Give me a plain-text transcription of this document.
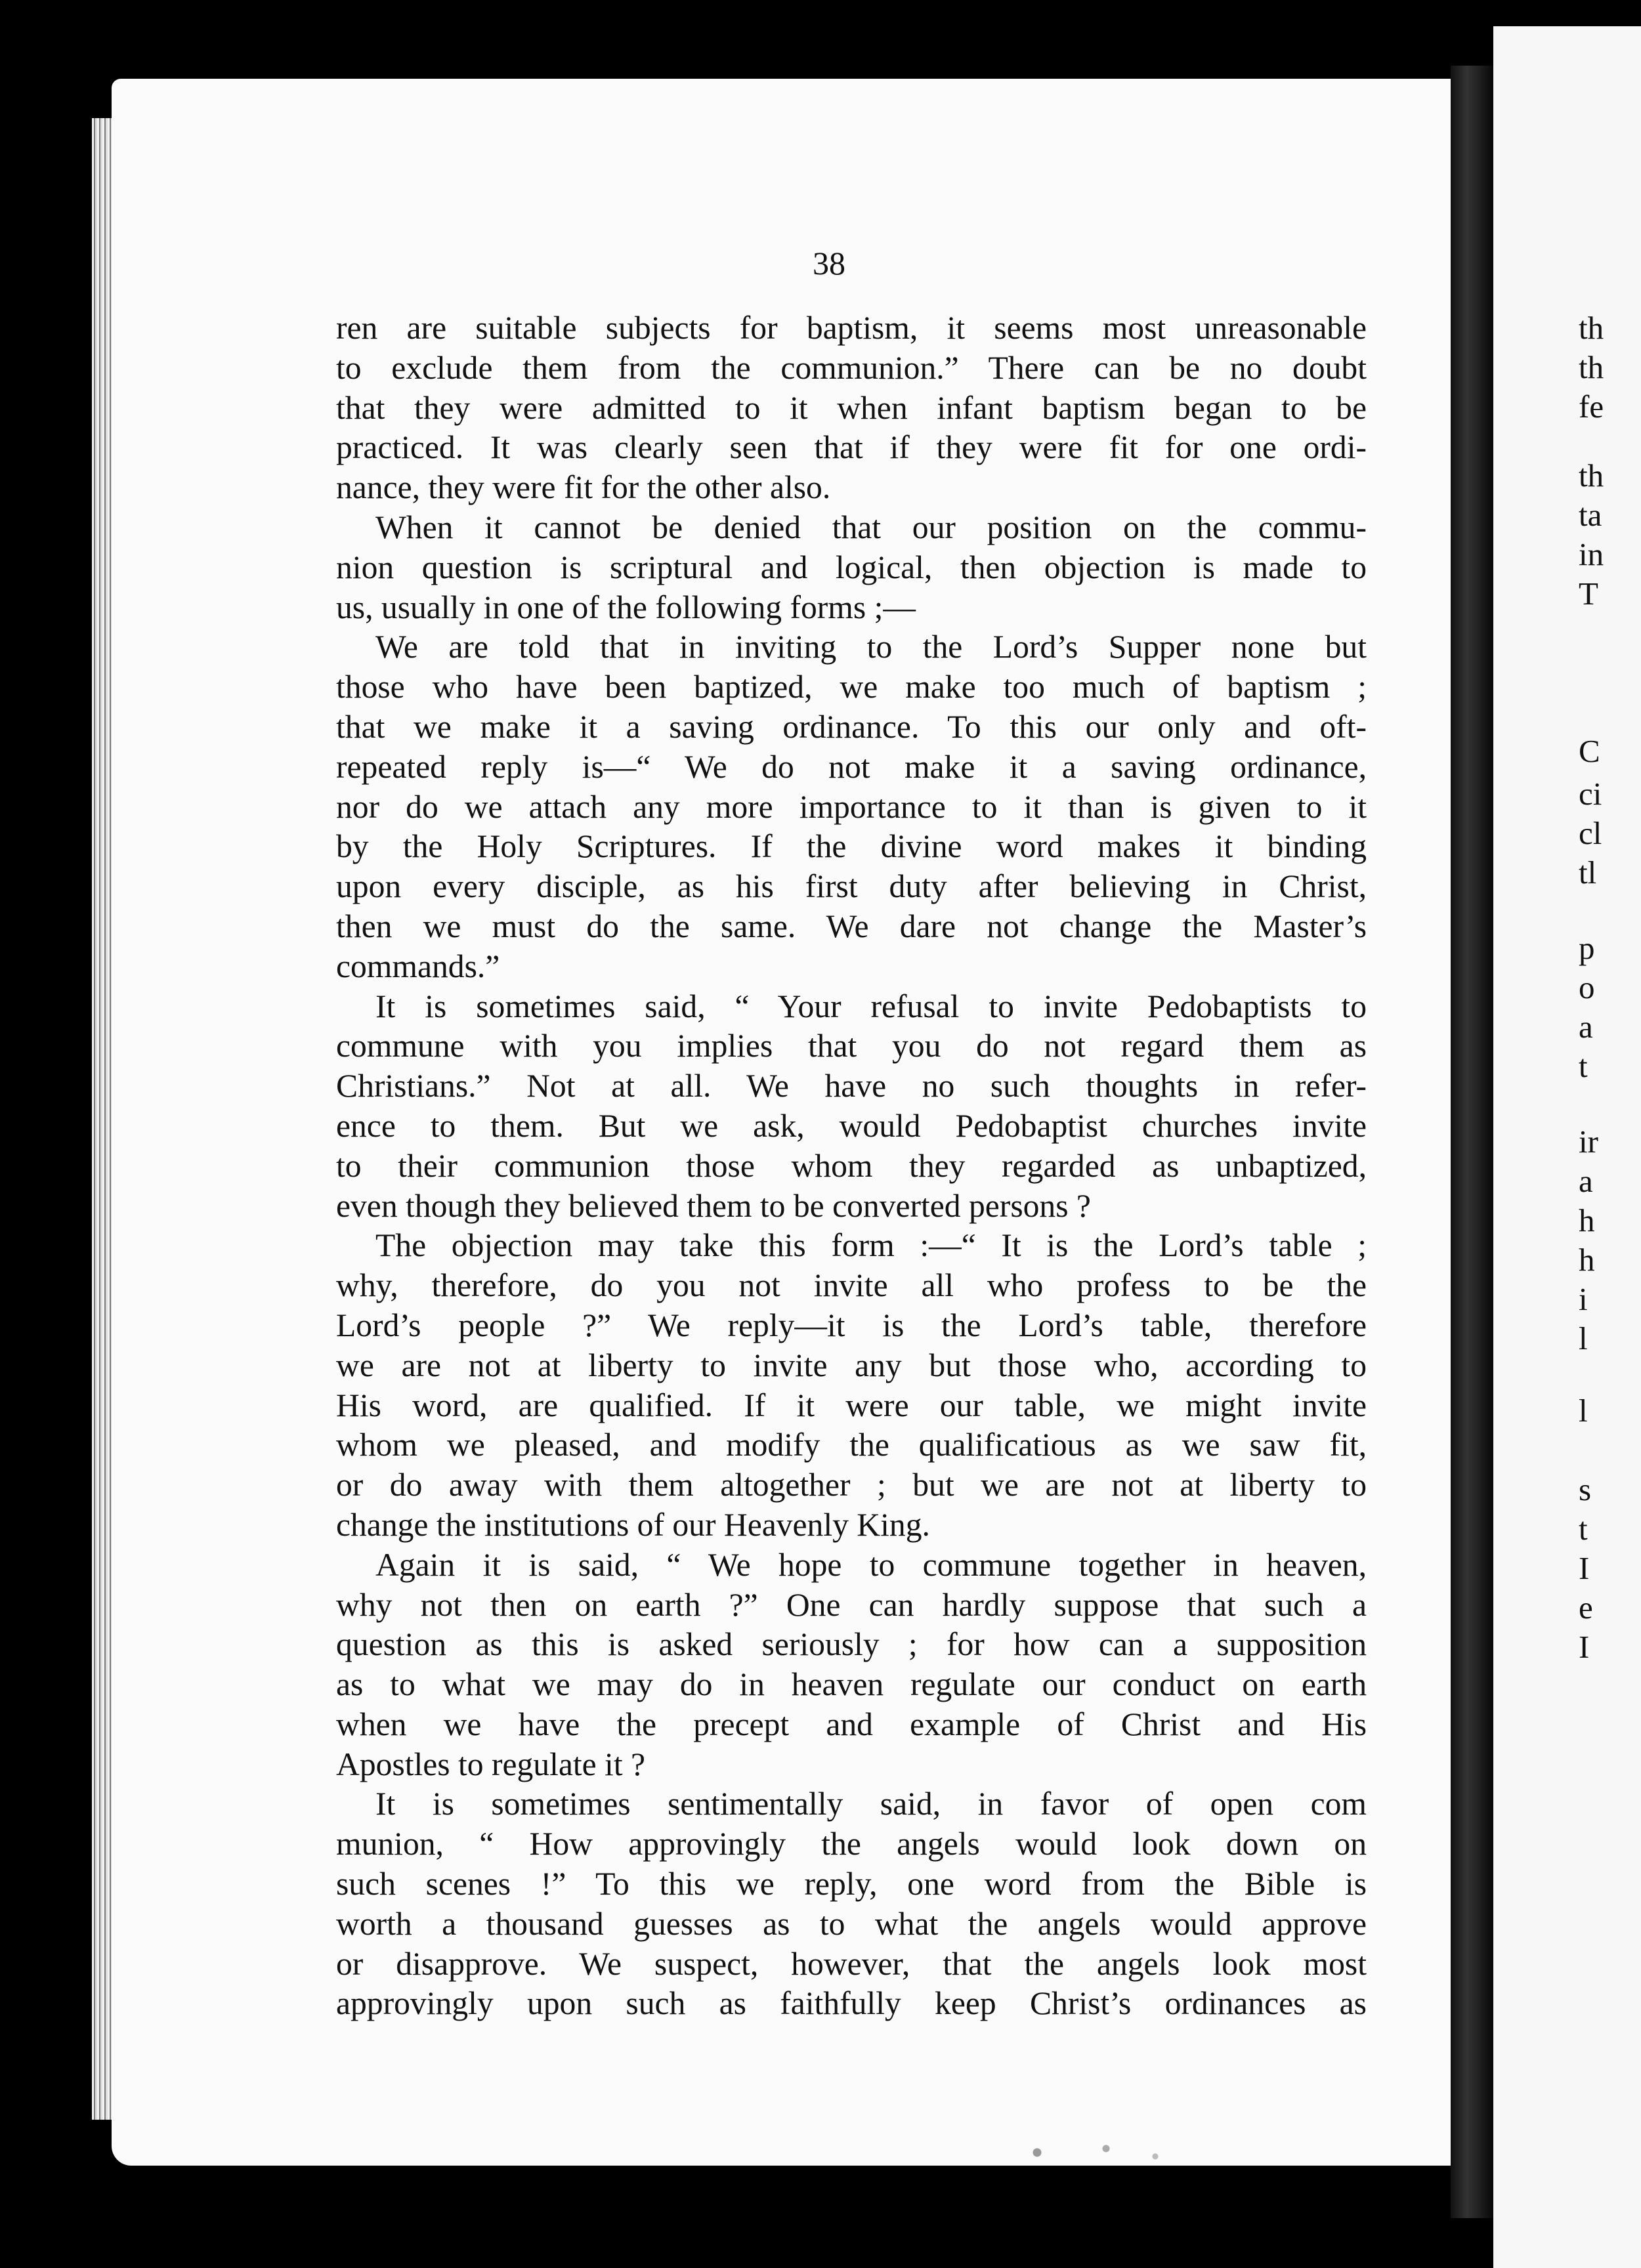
38
ren are suitable subjects for baptism, it seems most unreasonable
to exclude them from the communion.” There can be no doubt
that they were admitted to it when infant baptism began to be
practiced. It was clearly seen that if they were fit for one ordi-
nance, they were fit for the other also.
When it cannot be denied that our position on the commu-
nion question is scriptural and logical, then objection is made to
us, usually in one of the following forms ;—
We are told that in inviting to the Lord’s Supper none but
those who have been baptized, we make too much of baptism ;
that we make it a saving ordinance. To this our only and oft-
repeated reply is—“ We do not make it a saving ordinance,
nor do we attach any more importance to it than is given to it
by the Holy Scriptures. If the divine word makes it binding
upon every disciple, as his first duty after believing in Christ,
then we must do the same. We dare not change the Master’s
commands.”
It is sometimes said, “ Your refusal to invite Pedobaptists to
commune with you implies that you do not regard them as
Christians.” Not at all. We have no such thoughts in refer-
ence to them. But we ask, would Pedobaptist churches invite
to their communion those whom they regarded as unbaptized,
even though they believed them to be converted persons ?
The objection may take this form :—“ It is the Lord’s table ;
why, therefore, do you not invite all who profess to be the
Lord’s people ?” We reply—it is the Lord’s table, therefore
we are not at liberty to invite any but those who, according to
His word, are qualified. If it were our table, we might invite
whom we pleased, and modify the qualificatious as we saw fit,
or do away with them altogether ; but we are not at liberty to
change the institutions of our Heavenly King.
Again it is said, “ We hope to commune together in heaven,
why not then on earth ?” One can hardly suppose that such a
question as this is asked seriously ; for how can a supposition
as to what we may do in heaven regulate our conduct on earth
when we have the precept and example of Christ and His
Apostles to regulate it ?
It is sometimes sentimentally said, in favor of open com
munion, “ How approvingly the angels would look down on
such scenes !” To this we reply, one word from the Bible is
worth a thousand guesses as to what the angels would approve
or disapprove. We suspect, however, that the angels look most
approvingly upon such as faithfully keep Christ’s ordinances as
th
th
fe
th
ta
in
T
C
ci
cl
tl
p
o
a
t
ir
a
h
h
i
l
l
s
t
I
e
I
